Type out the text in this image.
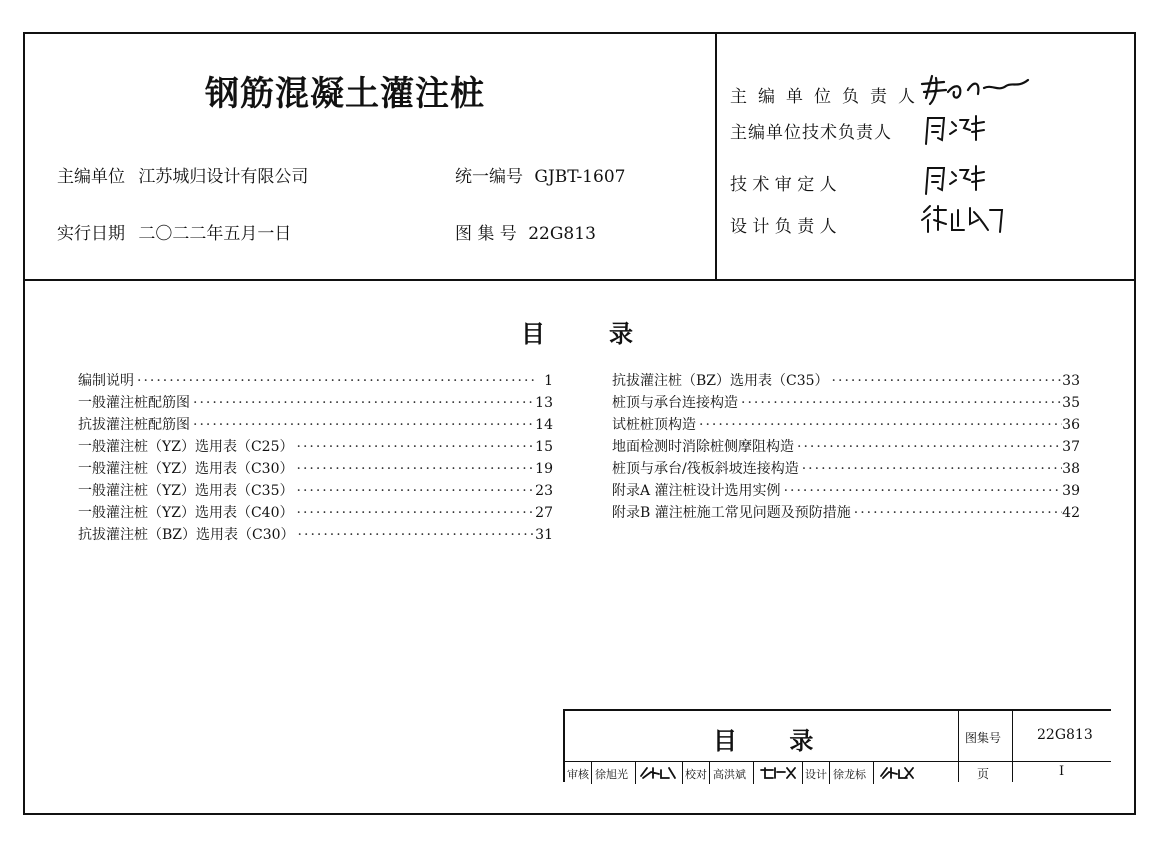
钢筋混凝土灌注桩
主编单位 江苏城归设计有限公司
实行日期 二〇二二年五月一日
统一编号 GJBT-1607
图 集 号 22G813
主编单位负责人
主编单位技术负责人
技 术 审 定 人
设 计 负 责 人
目	录
编制说明 ·····	1
一般灌注桩配筋图 ·····	13
抗拔灌注桩配筋图 ·····	14
一般灌注桩（YZ）选用表（C25） ·····	15
一般灌注桩（YZ）选用表（C30） ·····	19
一般灌注桩（YZ）选用表（C35） ·····	23
一般灌注桩（YZ）选用表（C40） ·····	27
抗拔灌注桩（BZ）选用表（C30） ·····	31
抗拔灌注桩（BZ）选用表（C35） ·····	33
桩顶与承台连接构造 ·····	35
试桩桩顶构造 ·····	36
地面检测时消除桩侧摩阻构造 ·····	37
桩顶与承台/筏板斜坡连接构造 ·····	38
附录A 灌注桩设计选用实例 ·····	39
附录B 灌注桩施工常见问题及预防措施 ·····	42
目 录	图集号	22G813
页	I
审核 徐旭光	校对 高洪斌	设计 徐龙标
